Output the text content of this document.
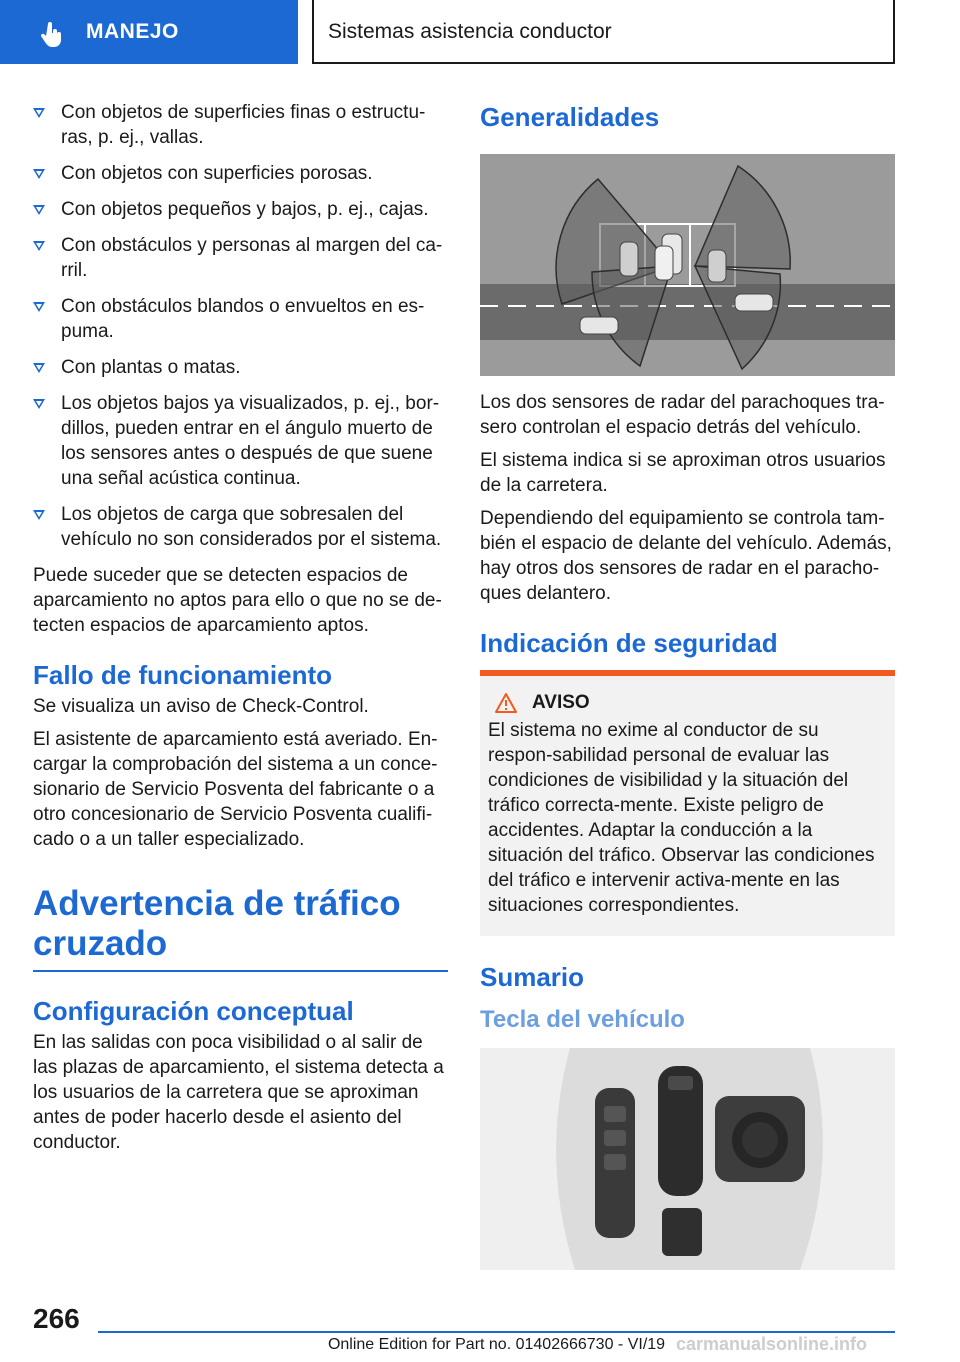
MANEJO	Sistemas asistencia conductor
Con objetos de superficies finas o estructu‐ras, p. ej., vallas.
Con objetos con superficies porosas.
Con objetos pequeños y bajos, p. ej., cajas.
Con obstáculos y personas al margen del ca‐rril.
Con obstáculos blandos o envueltos en es‐puma.
Con plantas o matas.
Los objetos bajos ya visualizados, p. ej., bor‐dillos, pueden entrar en el ángulo muerto de los sensores antes o después de que suene una señal acústica continua.
Los objetos de carga que sobresalen del vehículo no son considerados por el sistema.

Puede suceder que se detecten espacios de aparcamiento no aptos para ello o que no se de‐tecten espacios de aparcamiento aptos.

Fallo de funcionamiento

Se visualiza un aviso de Check-Control.

El asistente de aparcamiento está averiado. En‐cargar la comprobación del sistema a un conce‐sionario de Servicio Posventa del fabricante o a otro concesionario de Servicio Posventa cualifi‐cado o a un taller especializado.

Advertencia de tráfico cruzado
Configuración conceptual

En las salidas con poca visibilidad o al salir de las plazas de aparcamiento, el sistema detecta a los usuarios de la carretera que se aproximan antes de poder hacerlo desde el asiento del conductor.

Generalidades

Los dos sensores de radar del parachoques tra‐sero controlan el espacio detrás del vehículo.

El sistema indica si se aproximan otros usuarios de la carretera.

Dependiendo del equipamiento se controla tam‐bién el espacio de delante del vehículo. Además, hay otros dos sensores de radar en el paracho‐ques delantero.

Indicación de seguridad
AVISO

El sistema no exime al conductor de su respon‐sabilidad personal de evaluar las condiciones de visibilidad y la situación del tráfico correcta‐mente. Existe peligro de accidentes. Adaptar la conducción a la situación del tráfico. Observar las condiciones del tráfico e intervenir activa‐mente en las situaciones correspondientes.

Sumario
Tecla del vehículo
266
Online Edition for Part no. 01402666730 - VI/19 carmanualsonline.info
